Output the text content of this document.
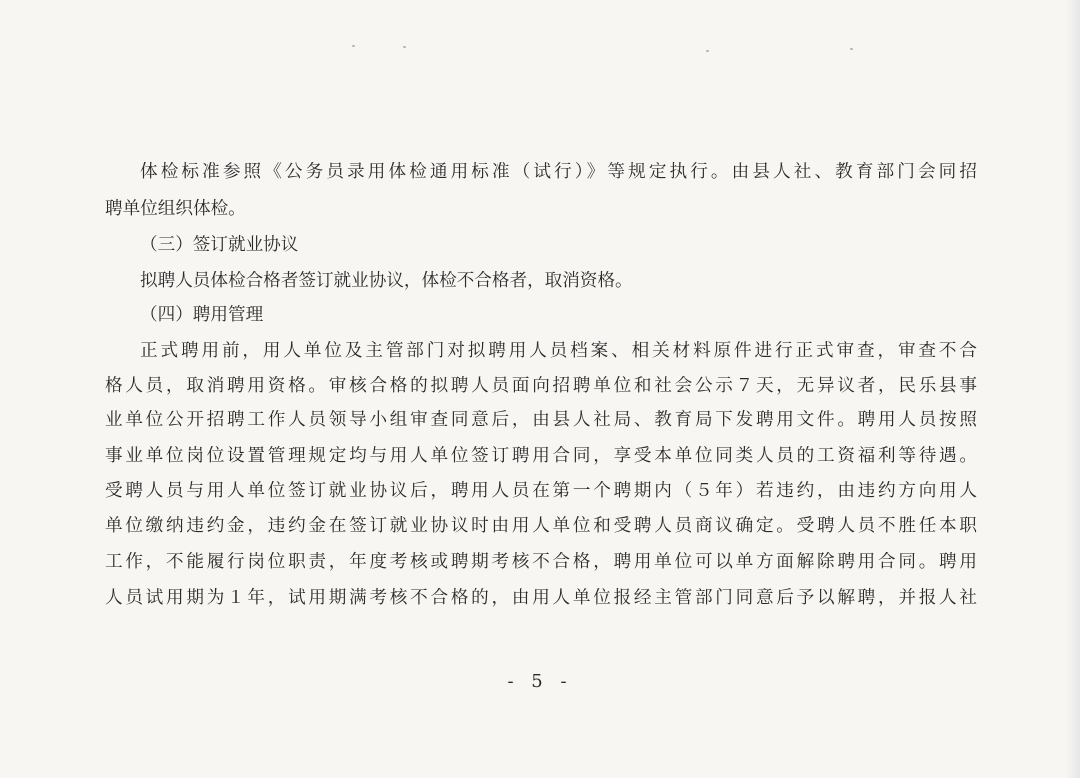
体检标准参照《公务员录用体检通用标准（试行）》等规定执行。由县人社、教育部门会同招
聘单位组织体检。
（三）签订就业协议
拟聘人员体检合格者签订就业协议，体检不合格者，取消资格。
（四）聘用管理
正式聘用前，用人单位及主管部门对拟聘用人员档案、相关材料原件进行正式审查，审查不合
格人员，取消聘用资格。审核合格的拟聘人员面向招聘单位和社会公示７天，无异议者，民乐县事
业单位公开招聘工作人员领导小组审查同意后，由县人社局、教育局下发聘用文件。聘用人员按照
事业单位岗位设置管理规定均与用人单位签订聘用合同，享受本单位同类人员的工资福利等待遇。
受聘人员与用人单位签订就业协议后，聘用人员在第一个聘期内（５年）若违约，由违约方向用人
单位缴纳违约金，违约金在签订就业协议时由用人单位和受聘人员商议确定。受聘人员不胜任本职
工作，不能履行岗位职责，年度考核或聘期考核不合格，聘用单位可以单方面解除聘用合同。聘用
人员试用期为１年，试用期满考核不合格的，由用人单位报经主管部门同意后予以解聘，并报人社
- 5 -
